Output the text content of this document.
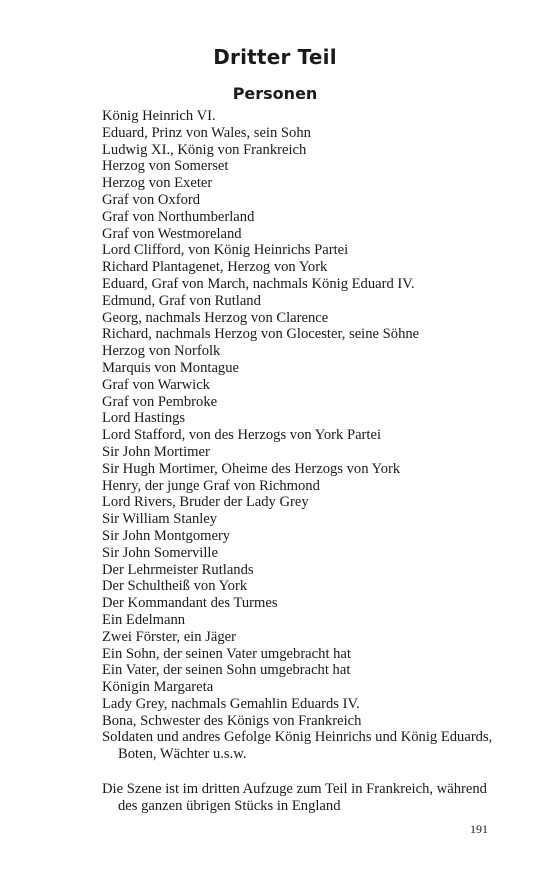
Dritter Teil
Personen
König Heinrich VI.
Eduard, Prinz von Wales, sein Sohn
Ludwig XI., König von Frankreich
Herzog von Somerset
Herzog von Exeter
Graf von Oxford
Graf von Northumberland
Graf von Westmoreland
Lord Clifford, von König Heinrichs Partei
Richard Plantagenet, Herzog von York
Eduard, Graf von March, nachmals König Eduard IV.
Edmund, Graf von Rutland
Georg, nachmals Herzog von Clarence
Richard, nachmals Herzog von Glocester, seine Söhne
Herzog von Norfolk
Marquis von Montague
Graf von Warwick
Graf von Pembroke
Lord Hastings
Lord Stafford, von des Herzogs von York Partei
Sir John Mortimer
Sir Hugh Mortimer, Oheime des Herzogs von York
Henry, der junge Graf von Richmond
Lord Rivers, Bruder der Lady Grey
Sir William Stanley
Sir John Montgomery
Sir John Somerville
Der Lehrmeister Rutlands
Der Schultheiß von York
Der Kommandant des Turmes
Ein Edelmann
Zwei Förster, ein Jäger
Ein Sohn, der seinen Vater umgebracht hat
Ein Vater, der seinen Sohn umgebracht hat
Königin Margareta
Lady Grey, nachmals Gemahlin Eduards IV.
Bona, Schwester des Königs von Frankreich
Soldaten und andres Gefolge König Heinrichs und König Eduards, Boten, Wächter u.s.w.

Die Szene ist im dritten Aufzuge zum Teil in Frankreich, während des ganzen übrigen Stücks in England

191
